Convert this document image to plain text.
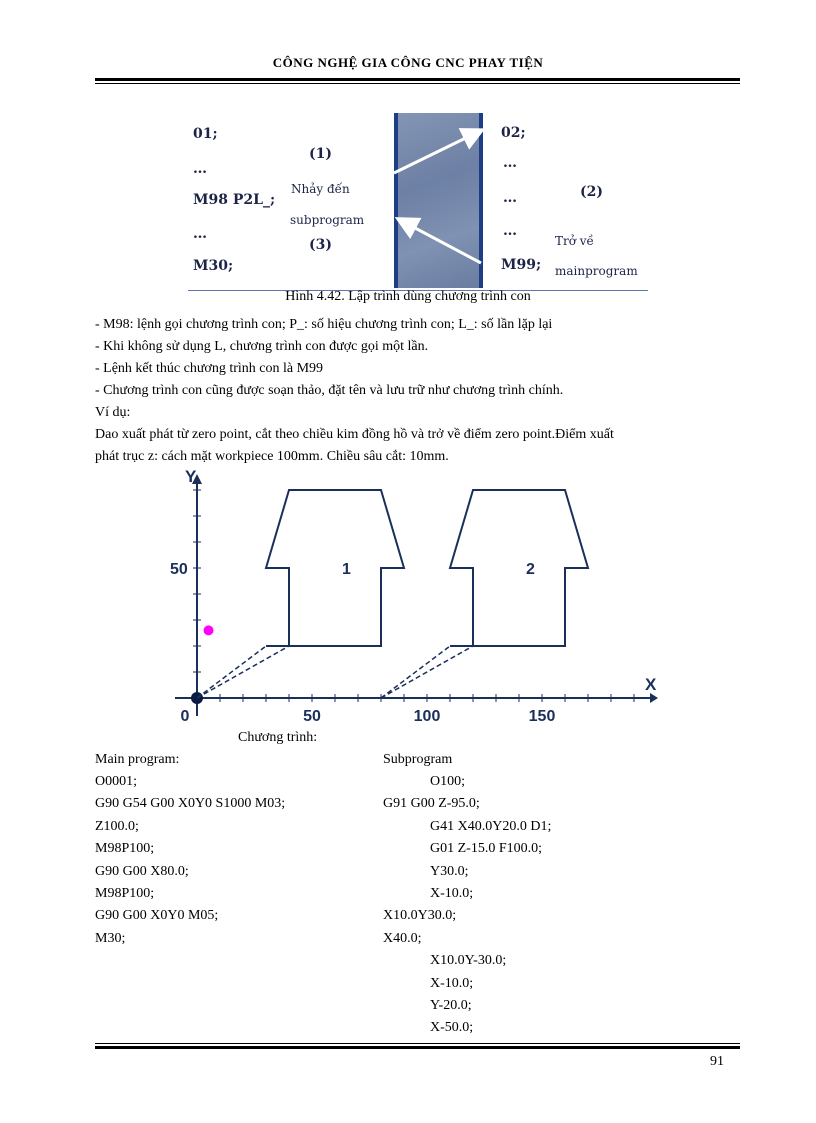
CÔNG NGHỆ GIA CÔNG CNC PHAY TIỆN
01;
…
M98 P2L_;
…
M30;
(1)
Nhảy đến
subprogram
(3)
02;
…
…
…
M99;
(2)
Trở về
mainprogram
Hình 4.42. Lập trình dùng chương trình con
- M98: lệnh gọi chương trình con; P_: số hiệu chương trình con; L_: số lần lặp lại
- Khi không sử dụng L, chương trình con được gọi một lần.
- Lệnh kết thúc chương trình con là M99
- Chương trình con cũng được soạn thảo, đặt tên và lưu trữ như chương trình chính.
Ví dụ:
Dao xuất phát từ zero point, cắt theo chiều kim đồng hồ và trở về điểm zero point.Điểm xuất
phát trục z: cách mặt workpiece 100mm. Chiều sâu cắt: 10mm.
Y
X
0	50	100	150
50	1	2
Chương trình:
Main program:
O0001;
G90 G54 G00 X0Y0 S1000 M03;
Z100.0;
M98P100;
G90 G00 X80.0;
M98P100;
G90 G00 X0Y0 M05;
M30;
Subprogram
O100;
G91 G00 Z-95.0;
G41 X40.0Y20.0 D1;
G01 Z-15.0 F100.0;
Y30.0;
X-10.0;
X10.0Y30.0;
X40.0;
X10.0Y-30.0;
X-10.0;
Y-20.0;
X-50.0;
91
